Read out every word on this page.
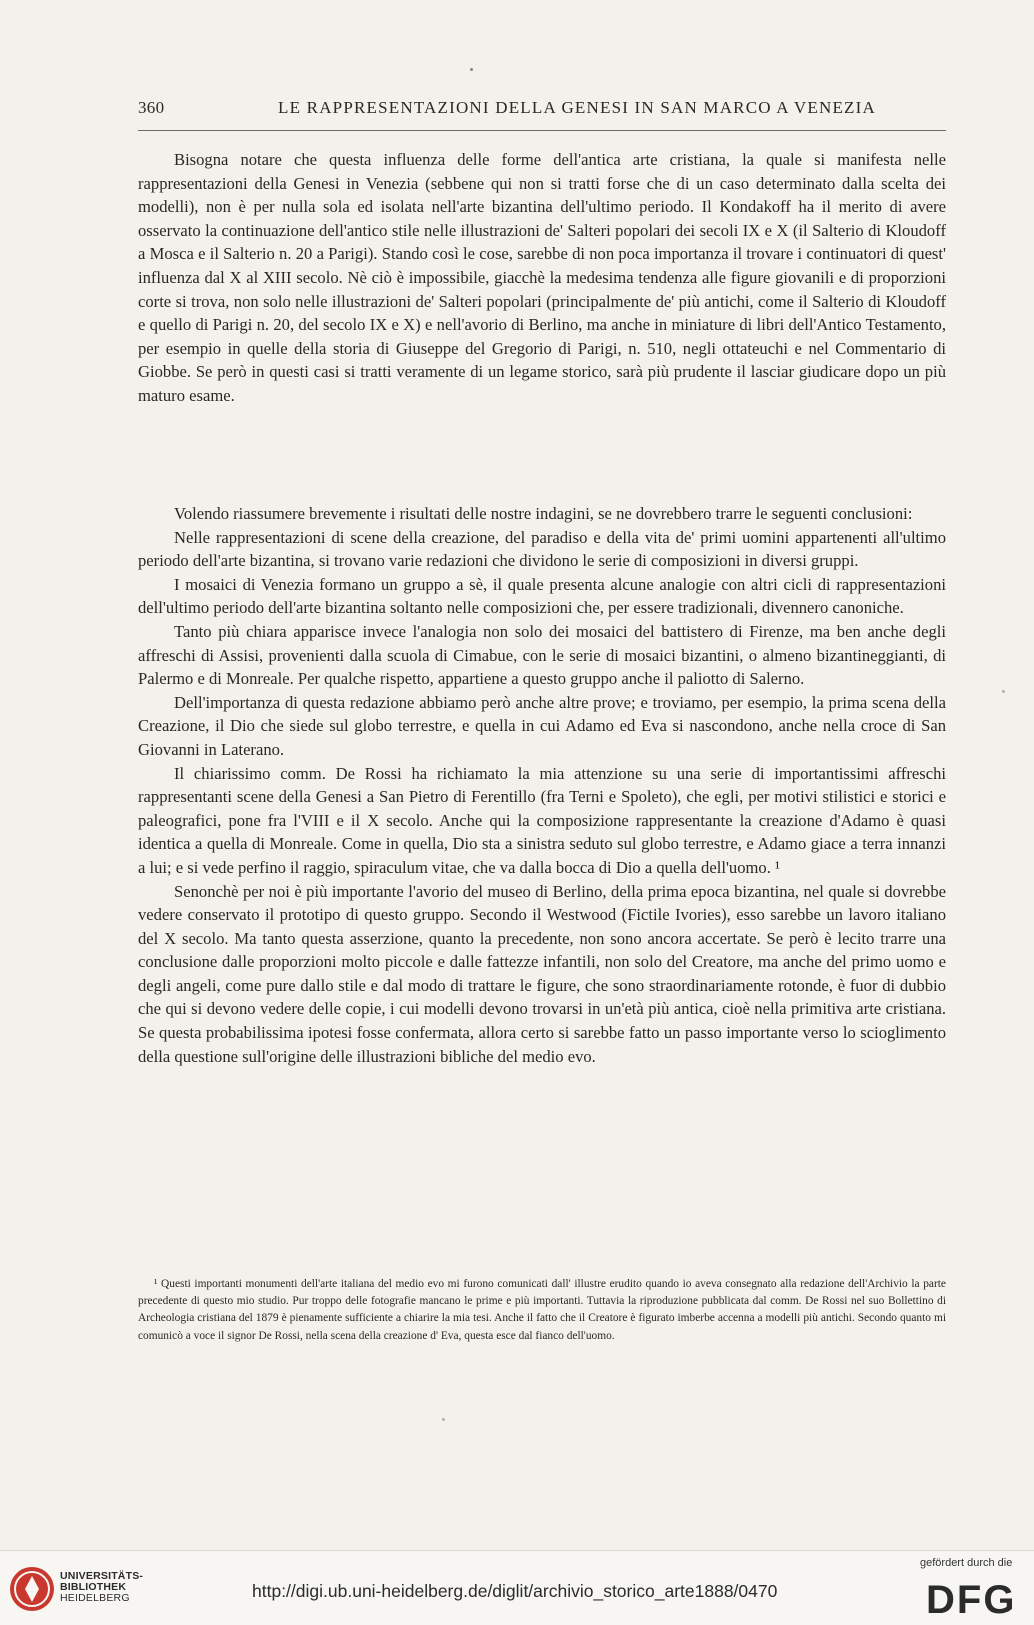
360	LE RAPPRESENTAZIONI DELLA GENESI IN SAN MARCO A VENEZIA

Bisogna notare che questa influenza delle forme dell'antica arte cristiana, la quale si manifesta nelle rappresentazioni della Genesi in Venezia (sebbene qui non si tratti forse che di un caso determinato dalla scelta dei modelli), non è per nulla sola ed isolata nell'arte bizantina dell'ultimo periodo. Il Kondakoff ha il merito di avere osservato la continuazione dell'antico stile nelle illustrazioni de' Salteri popolari dei secoli IX e X (il Salterio di Kloudoff a Mosca e il Salterio n. 20 a Parigi). Stando così le cose, sarebbe di non poca importanza il trovare i continuatori di quest' influenza dal X al XIII secolo. Nè ciò è impossibile, giacchè la medesima tendenza alle figure giovanili e di proporzioni corte si trova, non solo nelle illustrazioni de' Salteri popolari (principalmente de' più antichi, come il Salterio di Kloudoff e quello di Parigi n. 20, del secolo IX e X) e nell'avorio di Berlino, ma anche in miniature di libri dell'Antico Testamento, per esempio in quelle della storia di Giuseppe del Gregorio di Parigi, n. 510, negli ottateuchi e nel Commentario di Giobbe. Se però in questi casi si tratti veramente di un legame storico, sarà più prudente il lasciar giudicare dopo un più maturo esame.

Volendo riassumere brevemente i risultati delle nostre indagini, se ne dovrebbero trarre le seguenti conclusioni:

Nelle rappresentazioni di scene della creazione, del paradiso e della vita de' primi uomini appartenenti all'ultimo periodo dell'arte bizantina, si trovano varie redazioni che dividono le serie di composizioni in diversi gruppi.

I mosaici di Venezia formano un gruppo a sè, il quale presenta alcune analogie con altri cicli di rappresentazioni dell'ultimo periodo dell'arte bizantina soltanto nelle composizioni che, per essere tradizionali, divennero canoniche.

Tanto più chiara apparisce invece l'analogia non solo dei mosaici del battistero di Firenze, ma ben anche degli affreschi di Assisi, provenienti dalla scuola di Cimabue, con le serie di mosaici bizantini, o almeno bizantineggianti, di Palermo e di Monreale. Per qualche rispetto, appartiene a questo gruppo anche il paliotto di Salerno.

Dell'importanza di questa redazione abbiamo però anche altre prove; e troviamo, per esempio, la prima scena della Creazione, il Dio che siede sul globo terrestre, e quella in cui Adamo ed Eva si nascondono, anche nella croce di San Giovanni in Laterano.

Il chiarissimo comm. De Rossi ha richiamato la mia attenzione su una serie di importantissimi affreschi rappresentanti scene della Genesi a San Pietro di Ferentillo (fra Terni e Spoleto), che egli, per motivi stilistici e storici e paleografici, pone fra l'VIII e il X secolo. Anche qui la composizione rappresentante la creazione d'Adamo è quasi identica a quella di Monreale. Come in quella, Dio sta a sinistra seduto sul globo terrestre, e Adamo giace a terra innanzi a lui; e si vede perfino il raggio, spiraculum vitae, che va dalla bocca di Dio a quella dell'uomo. ¹

Senonchè per noi è più importante l'avorio del museo di Berlino, della prima epoca bizantina, nel quale si dovrebbe vedere conservato il prototipo di questo gruppo. Secondo il Westwood (Fictile Ivories), esso sarebbe un lavoro italiano del X secolo. Ma tanto questa asserzione, quanto la precedente, non sono ancora accertate. Se però è lecito trarre una conclusione dalle proporzioni molto piccole e dalle fattezze infantili, non solo del Creatore, ma anche del primo uomo e degli angeli, come pure dallo stile e dal modo di trattare le figure, che sono straordinariamente rotonde, è fuor di dubbio che qui si devono vedere delle copie, i cui modelli devono trovarsi in un'età più antica, cioè nella primitiva arte cristiana. Se questa probabilissima ipotesi fosse confermata, allora certo si sarebbe fatto un passo importante verso lo scioglimento della questione sull'origine delle illustrazioni bibliche del medio evo.

¹ Questi importanti monumenti dell'arte italiana del medio evo mi furono comunicati dall' illustre erudito quando io aveva consegnato alla redazione dell'Archivio la parte precedente di questo mio studio. Pur troppo delle fotografie mancano le prime e più importanti. Tuttavia la riproduzione pubblicata dal comm. De Rossi nel suo Bollettino di Archeologia cristiana del 1879 è pienamente sufficiente a chiarire la mia tesi. Anche il fatto che il Creatore è figurato imberbe accenna a modelli più antichi. Secondo quanto mi comunicò a voce il signor De Rossi, nella scena della creazione d' Eva, questa esce dal fianco dell'uomo.

UNIVERSITÄTS-
BIBLIOTHEK
HEIDELBERG	http://digi.ub.uni-heidelberg.de/diglit/archivio_storico_arte1888/0470
gefördert durch die
DFG
